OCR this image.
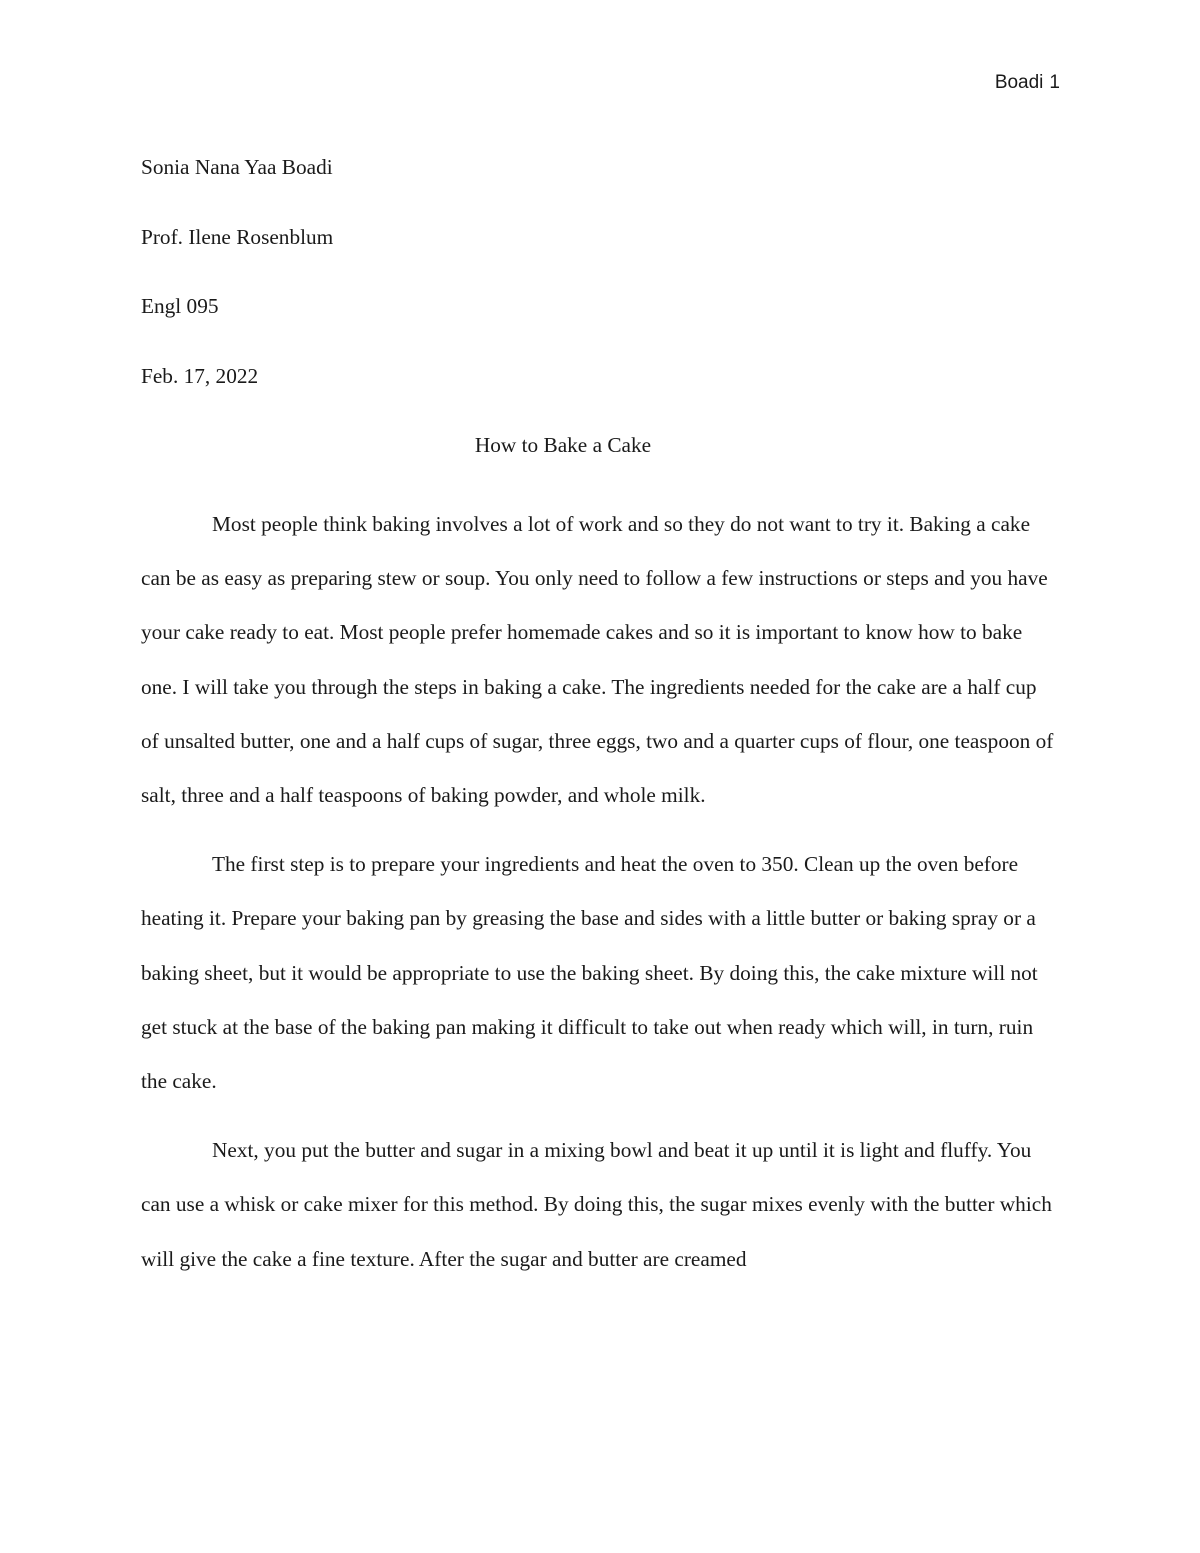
Boadi 1

Sonia Nana Yaa Boadi

Prof. Ilene Rosenblum

Engl 095

Feb. 17, 2022

How to Bake a Cake

Most people think baking involves a lot of work and so they do not want to try it. Baking a cake can be as easy as preparing stew or soup. You only need to follow a few instructions or steps and you have your cake ready to eat. Most people prefer homemade cakes and so it is important to know how to bake one. I will take you through the steps in baking a cake. The ingredients needed for the cake are a half cup of unsalted butter, one and a half cups of sugar, three eggs, two and a quarter cups of flour, one teaspoon of salt, three and a half teaspoons of baking powder, and whole milk.

The first step is to prepare your ingredients and heat the oven to 350. Clean up the oven before heating it. Prepare your baking pan by greasing the base and sides with a little butter or baking spray or a baking sheet, but it would be appropriate to use the baking sheet. By doing this, the cake mixture will not get stuck at the base of the baking pan making it difficult to take out when ready which will, in turn, ruin the cake.

Next, you put the butter and sugar in a mixing bowl and beat it up until it is light and fluffy. You can use a whisk or cake mixer for this method. By doing this, the sugar mixes evenly with the butter which will give the cake a fine texture. After the sugar and butter are creamed
